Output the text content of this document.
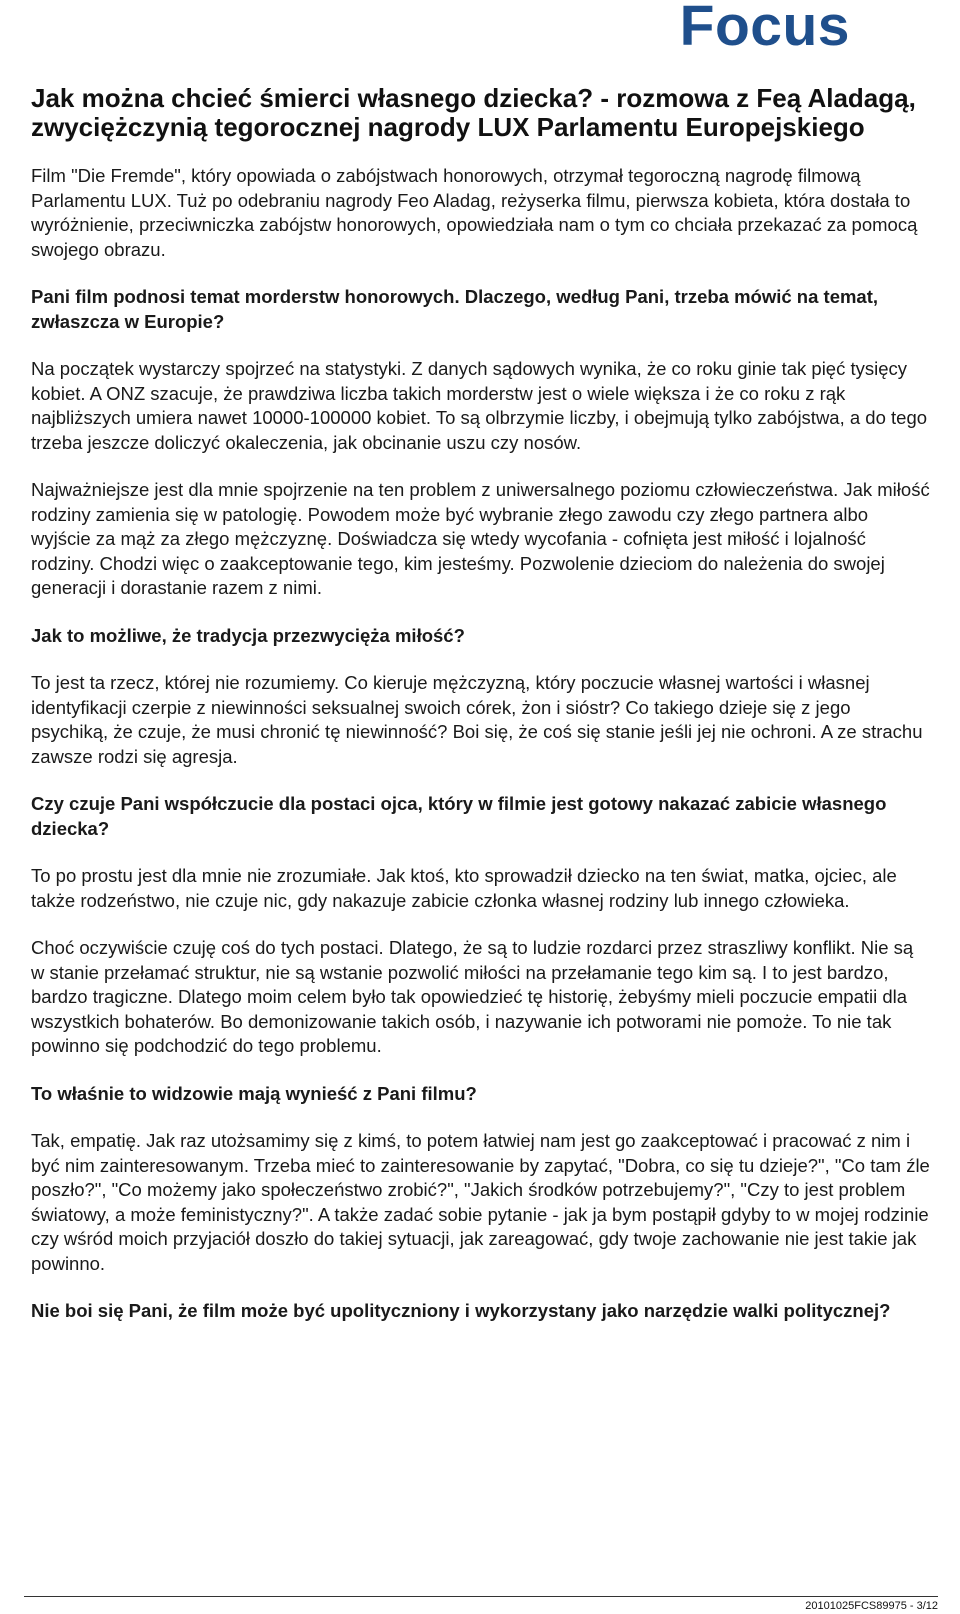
Focus
Jak można chcieć śmierci własnego dziecka? - rozmowa z Feą Aladagą, zwyciężczynią tegorocznej nagrody LUX Parlamentu Europejskiego

Film "Die Fremde", który opowiada o zabójstwach honorowych, otrzymał tegoroczną nagrodę filmową Parlamentu LUX. Tuż po odebraniu nagrody Feo Aladag, reżyserka filmu, pierwsza kobieta, która dostała to wyróżnienie, przeciwniczka zabójstw honorowych, opowiedziała nam o tym co chciała przekazać za pomocą swojego obrazu.

Pani film podnosi temat morderstw honorowych. Dlaczego, według Pani, trzeba mówić na temat, zwłaszcza w Europie?

Na początek wystarczy spojrzeć na statystyki. Z danych sądowych wynika, że co roku ginie tak pięć tysięcy kobiet. A ONZ szacuje, że prawdziwa liczba takich morderstw jest o wiele większa i że co roku z rąk najbliższych umiera nawet 10000-100000 kobiet. To są olbrzymie liczby, i obejmują tylko zabójstwa, a do tego trzeba jeszcze doliczyć okaleczenia, jak obcinanie uszu czy nosów.

Najważniejsze jest dla mnie spojrzenie na ten problem z uniwersalnego poziomu człowieczeństwa. Jak miłość rodziny zamienia się w patologię. Powodem może być wybranie złego zawodu czy złego partnera albo wyjście za mąż za złego mężczyznę. Doświadcza się wtedy wycofania - cofnięta jest miłość i lojalność rodziny. Chodzi więc o zaakceptowanie tego, kim jesteśmy. Pozwolenie dzieciom do należenia do swojej generacji i dorastanie razem z nimi.

Jak to możliwe, że tradycja przezwycięża miłość?

To jest ta rzecz, której nie rozumiemy. Co kieruje mężczyzną, który poczucie własnej wartości i własnej identyfikacji czerpie z niewinności seksualnej swoich córek, żon i sióstr? Co takiego dzieje się z jego psychiką, że czuje, że musi chronić tę niewinność? Boi się, że coś się stanie jeśli jej nie ochroni. A ze strachu zawsze rodzi się agresja.

Czy czuje Pani współczucie dla postaci ojca, który w filmie jest gotowy nakazać zabicie własnego dziecka?

To po prostu jest dla mnie nie zrozumiałe. Jak ktoś, kto sprowadził dziecko na ten świat, matka, ojciec, ale także rodzeństwo, nie czuje nic, gdy nakazuje zabicie członka własnej rodziny lub innego człowieka.

Choć oczywiście czuję coś do tych postaci. Dlatego, że są to ludzie rozdarci przez straszliwy konflikt. Nie są w stanie przełamać struktur, nie są wstanie pozwolić miłości na przełamanie tego kim są. I to jest bardzo, bardzo tragiczne. Dlatego moim celem było tak opowiedzieć tę historię, żebyśmy mieli poczucie empatii dla wszystkich bohaterów. Bo demonizowanie takich osób, i nazywanie ich potworami nie pomoże. To nie tak powinno się podchodzić do tego problemu.

To właśnie to widzowie mają wynieść z Pani filmu?

Tak, empatię. Jak raz utożsamimy się z kimś, to potem łatwiej nam jest go zaakceptować i pracować z nim i być nim zainteresowanym. Trzeba mieć to zainteresowanie by zapytać, "Dobra, co się tu dzieje?", "Co tam źle poszło?", "Co możemy jako społeczeństwo zrobić?", "Jakich środków potrzebujemy?", "Czy to jest problem światowy, a może feministyczny?". A także zadać sobie pytanie - jak ja bym postąpił gdyby to w mojej rodzinie czy wśród moich przyjaciół doszło do takiej sytuacji, jak zareagować, gdy twoje zachowanie nie jest takie jak powinno.

Nie boi się Pani, że film może być upolityczniony i wykorzystany jako narzędzie walki politycznej?

20101025FCS89975 - 3/12
